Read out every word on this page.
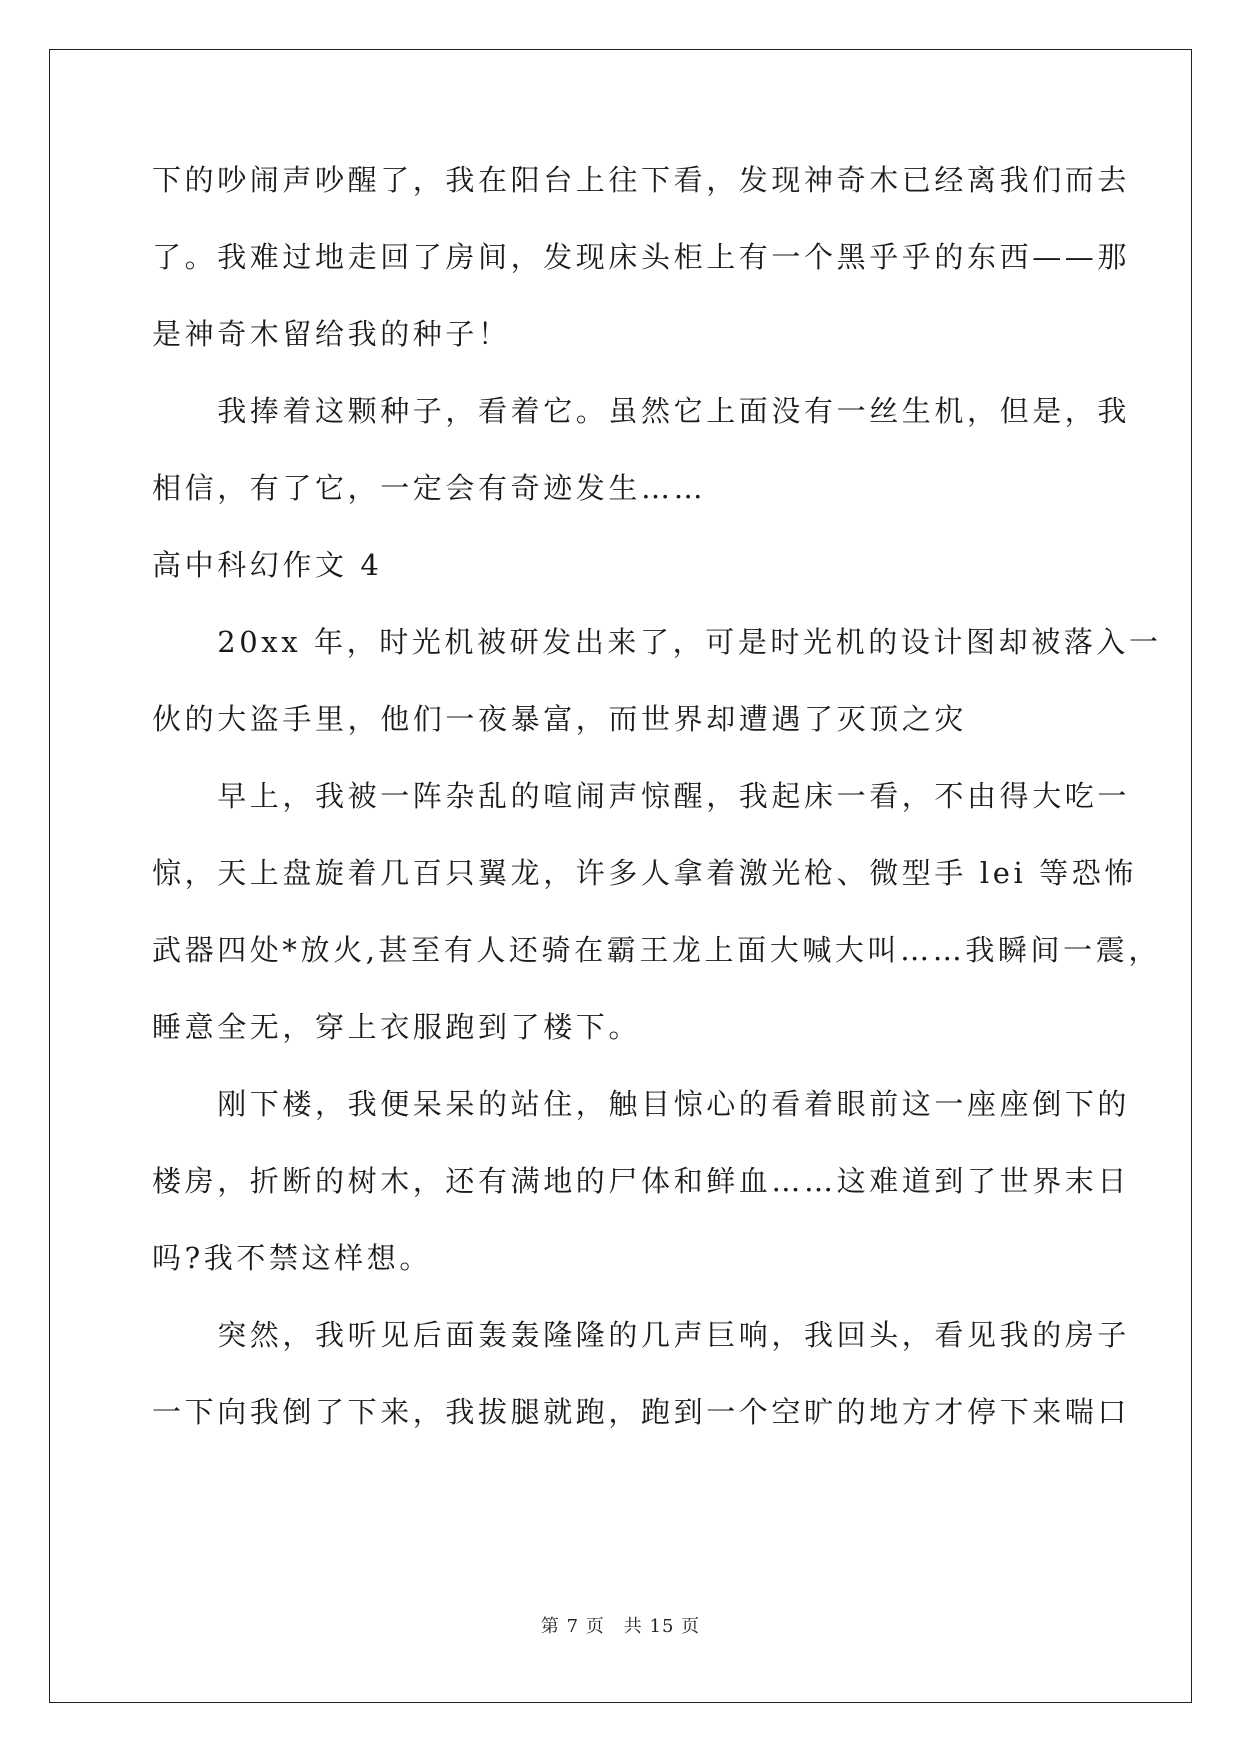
下的吵闹声吵醒了，我在阳台上往下看，发现神奇木已经离我们而去
了。我难过地走回了房间，发现床头柜上有一个黑乎乎的东西——那
是神奇木留给我的种子！
　　我捧着这颗种子，看着它。虽然它上面没有一丝生机，但是，我
相信，有了它，一定会有奇迹发生……
高中科幻作文 4
　　20xx 年，时光机被研发出来了，可是时光机的设计图却被落入一
伙的大盗手里，他们一夜暴富，而世界却遭遇了灭顶之灾
　　早上，我被一阵杂乱的喧闹声惊醒，我起床一看，不由得大吃一
惊，天上盘旋着几百只翼龙，许多人拿着激光枪、微型手 lei 等恐怖
武器四处*放火,甚至有人还骑在霸王龙上面大喊大叫……我瞬间一震，
睡意全无，穿上衣服跑到了楼下。
　　刚下楼，我便呆呆的站住，触目惊心的看着眼前这一座座倒下的
楼房，折断的树木，还有满地的尸体和鲜血……这难道到了世界末日
吗?我不禁这样想。
　　突然，我听见后面轰轰隆隆的几声巨响，我回头，看见我的房子
一下向我倒了下来，我拔腿就跑，跑到一个空旷的地方才停下来喘口
第 7 页　共 15 页
